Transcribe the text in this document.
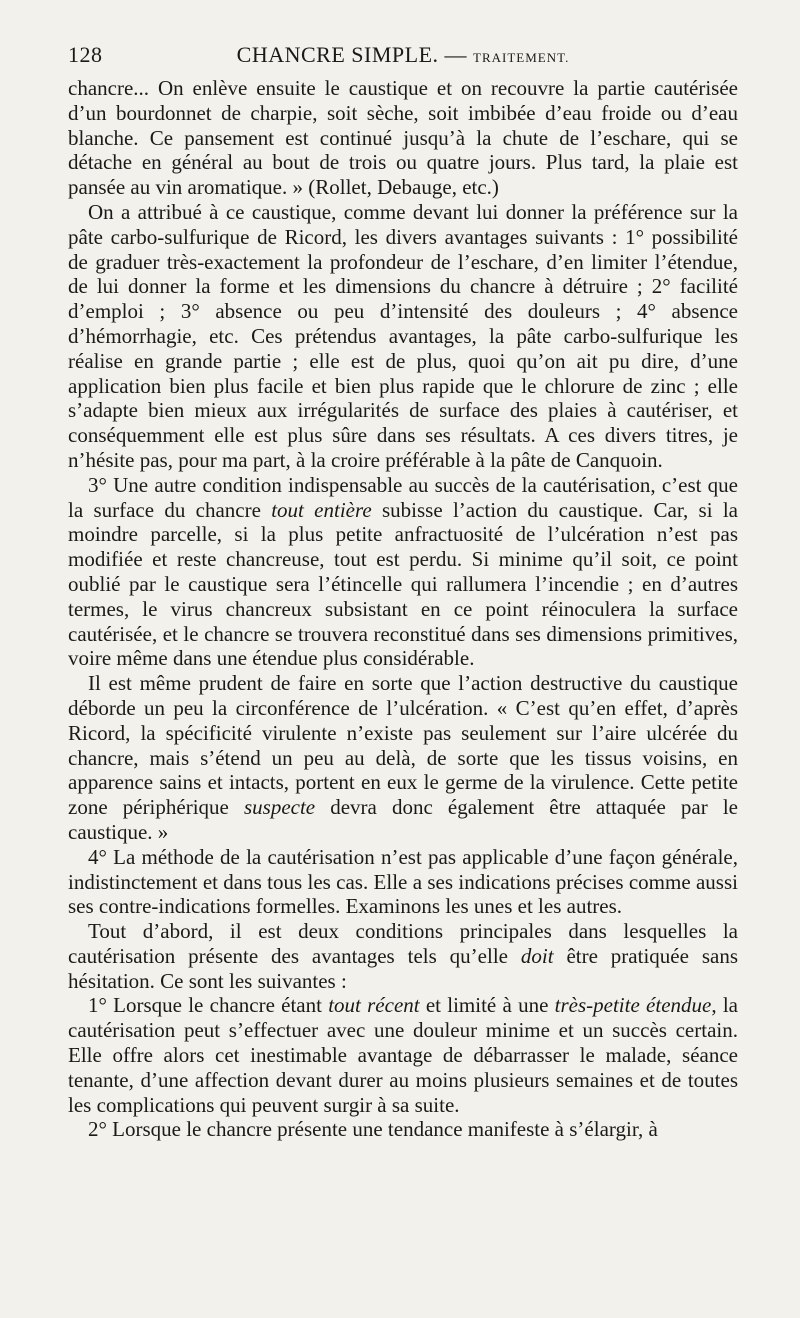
128	CHANCRE SIMPLE. — TRAITEMENT.

chancre... On enlève ensuite le caustique et on recouvre la partie cautérisée d’un bourdonnet de charpie, soit sèche, soit imbibée d’eau froide ou d’eau blanche. Ce pansement est continué jusqu’à la chute de l’eschare, qui se détache en général au bout de trois ou quatre jours. Plus tard, la plaie est pansée au vin aromatique. » (Rollet, Debauge, etc.)

On a attribué à ce caustique, comme devant lui donner la préférence sur la pâte carbo-sulfurique de Ricord, les divers avantages suivants : 1° possibilité de graduer très-exactement la profondeur de l’eschare, d’en limiter l’étendue, de lui donner la forme et les dimensions du chancre à détruire ; 2° facilité d’emploi ; 3° absence ou peu d’intensité des douleurs ; 4° absence d’hémorrhagie, etc. Ces prétendus avantages, la pâte carbo-sulfurique les réalise en grande partie ; elle est de plus, quoi qu’on ait pu dire, d’une application bien plus facile et bien plus rapide que le chlorure de zinc ; elle s’adapte bien mieux aux irrégularités de surface des plaies à cautériser, et conséquemment elle est plus sûre dans ses résultats. A ces divers titres, je n’hésite pas, pour ma part, à la croire préférable à la pâte de Canquoin.

3° Une autre condition indispensable au succès de la cautérisation, c’est que la surface du chancre tout entière subisse l’action du caustique. Car, si la moindre parcelle, si la plus petite anfractuosité de l’ulcération n’est pas modifiée et reste chancreuse, tout est perdu. Si minime qu’il soit, ce point oublié par le caustique sera l’étincelle qui rallumera l’incendie ; en d’autres termes, le virus chancreux subsistant en ce point réinoculera la surface cautérisée, et le chancre se trouvera reconstitué dans ses dimensions primitives, voire même dans une étendue plus considérable.

Il est même prudent de faire en sorte que l’action destructive du caustique déborde un peu la circonférence de l’ulcération. « C’est qu’en effet, d’après Ricord, la spécificité virulente n’existe pas seulement sur l’aire ulcérée du chancre, mais s’étend un peu au delà, de sorte que les tissus voisins, en apparence sains et intacts, portent en eux le germe de la virulence. Cette petite zone périphérique suspecte devra donc également être attaquée par le caustique. »

4° La méthode de la cautérisation n’est pas applicable d’une façon générale, indistinctement et dans tous les cas. Elle a ses indications précises comme aussi ses contre-indications formelles. Examinons les unes et les autres.

Tout d’abord, il est deux conditions principales dans lesquelles la cautérisation présente des avantages tels qu’elle doit être pratiquée sans hésitation. Ce sont les suivantes :

1° Lorsque le chancre étant tout récent et limité à une très-petite étendue, la cautérisation peut s’effectuer avec une douleur minime et un succès certain. Elle offre alors cet inestimable avantage de débarrasser le malade, séance tenante, d’une affection devant durer au moins plusieurs semaines et de toutes les complications qui peuvent surgir à sa suite.

2° Lorsque le chancre présente une tendance manifeste à s’élargir, à
